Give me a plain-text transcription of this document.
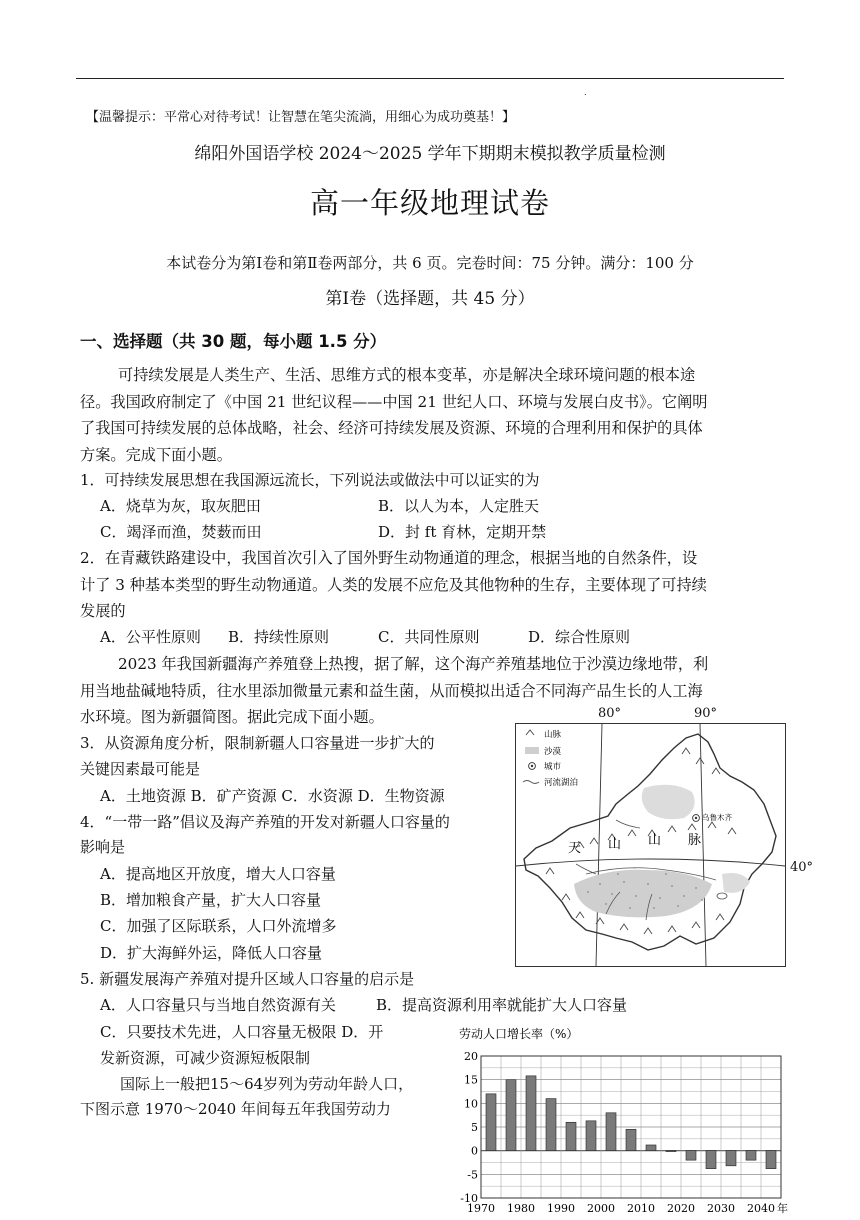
.
【温馨提示：平常心对待考试！让智慧在笔尖流淌，用细心为成功奠基！】
绵阳外国语学校 2024～2025 学年下期期末模拟教学质量检测
高一年级地理试卷
本试卷分为第Ⅰ卷和第Ⅱ卷两部分，共 6 页。完卷时间：75 分钟。满分：100 分
第Ⅰ卷（选择题，共 45 分）
一、选择题（共 30 题，每小题 1.5 分）
可持续发展是人类生产、生活、思维方式的根本变革，亦是解决全球环境问题的根本途
径。我国政府制定了《中国 21 世纪议程——中国 21 世纪人口、环境与发展白皮书》。它阐明
了我国可持续发展的总体战略，社会、经济可持续发展及资源、环境的合理利用和保护的具体
方案。完成下面小题。
1．可持续发展思想在我国源远流长，下列说法或做法中可以证实的为
A．烧草为灰，取灰肥田	B．以人为本，人定胜天
C．竭泽而渔，焚薮而田	D．封 ft 育林，定期开禁
2．在青藏铁路建设中，我国首次引入了国外野生动物通道的理念，根据当地的自然条件，设
计了 3 种基本类型的野生动物通道。人类的发展不应危及其他物种的生存，主要体现了可持续
发展的
A．公平性原则 B．持续性原则	C．共同性原则	D．综合性原则
2023 年我国新疆海产养殖登上热搜，据了解，这个海产养殖基地位于沙漠边缘地带，利
用当地盐碱地特质，往水里添加微量元素和益生菌，从而模拟出适合不同海产品生长的人工海
水环境。图为新疆简图。据此完成下面小题。
3．从资源角度分析，限制新疆人口容量进一步扩大的
关键因素最可能是
A．土地资源 B．矿产资源 C．水资源 D．生物资源
4．“一带一路”倡议及海产养殖的开发对新疆人口容量的
影响是
A．提高地区开放度，增大人口容量
B．增加粮食产量，扩大人口容量
C．加强了区际联系，人口外流增多
D．扩大海鲜外运，降低人口容量
5. 新疆发展海产养殖对提升区域人口容量的启示是
A．人口容量只与当地自然资源有关	B．提高资源利用率就能扩大人口容量
C．只要技术先进，人口容量无极限 D．开
发新资源，可减少资源短板限制
国际上一般把15～64岁列为劳动年龄人口，
下图示意 1970～2040 年间每五年我国劳动力
80°	90°
40°
山脉
沙漠
城市
河流湖泊
乌鲁木齐
天 山 山 脉
劳动人口增长率（%）
20
15
10
5
0
-5
-10
1970 1980 1990 2000 2010 2020 2030 2040 年
